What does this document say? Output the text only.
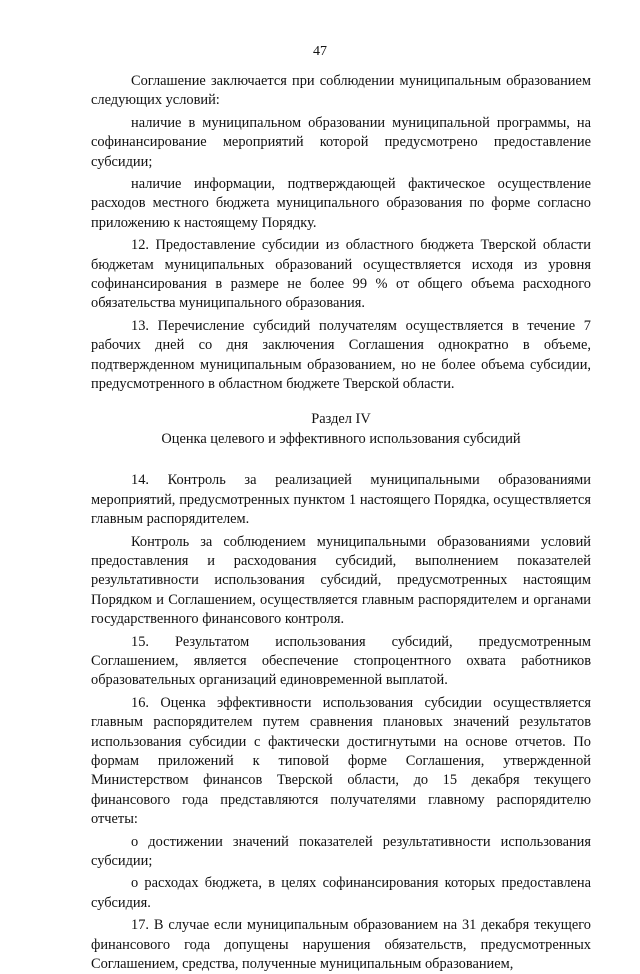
47

Соглашение заключается при соблюдении муниципальным образованием следующих условий:

наличие в муниципальном образовании муниципальной программы, на софинансирование мероприятий которой предусмотрено предоставление субсидии;

наличие информации, подтверждающей фактическое осуществление расходов местного бюджета муниципального образования по форме согласно приложению к настоящему Порядку.

12. Предоставление субсидии из областного бюджета Тверской области бюджетам муниципальных образований осуществляется исходя из уровня софинансирования в размере не более 99 % от общего объема расходного обязательства муниципального образования.

13. Перечисление субсидий получателям осуществляется в течение 7 рабочих дней со дня заключения Соглашения однократно в объеме, подтвержденном муниципальным образованием, но не более объема субсидии, предусмотренного в областном бюджете Тверской области.

Раздел IV

Оценка целевого и эффективного использования субсидий

14. Контроль за реализацией муниципальными образованиями мероприятий, предусмотренных пунктом 1 настоящего Порядка, осуществляется главным распорядителем.

Контроль за соблюдением муниципальными образованиями условий предоставления и расходования субсидий, выполнением показателей результативности использования субсидий, предусмотренных настоящим Порядком и Соглашением, осуществляется главным распорядителем и органами государственного финансового контроля.

15. Результатом использования субсидий, предусмотренным Соглашением, является обеспечение стопроцентного охвата работников образовательных организаций единовременной выплатой.

16. Оценка эффективности использования субсидии осуществляется главным распорядителем путем сравнения плановых значений результатов использования субсидии с фактически достигнутыми на основе отчетов. По формам приложений к типовой форме Соглашения, утвержденной Министерством финансов Тверской области, до 15 декабря текущего финансового года представляются получателями главному распорядителю отчеты:

о достижении значений показателей результативности использования субсидии;

о расходах бюджета, в целях софинансирования которых предоставлена субсидия.

17. В случае если муниципальным образованием на 31 декабря текущего финансового года допущены нарушения обязательств, предусмотренных Соглашением, средства, полученные муниципальным образованием,
